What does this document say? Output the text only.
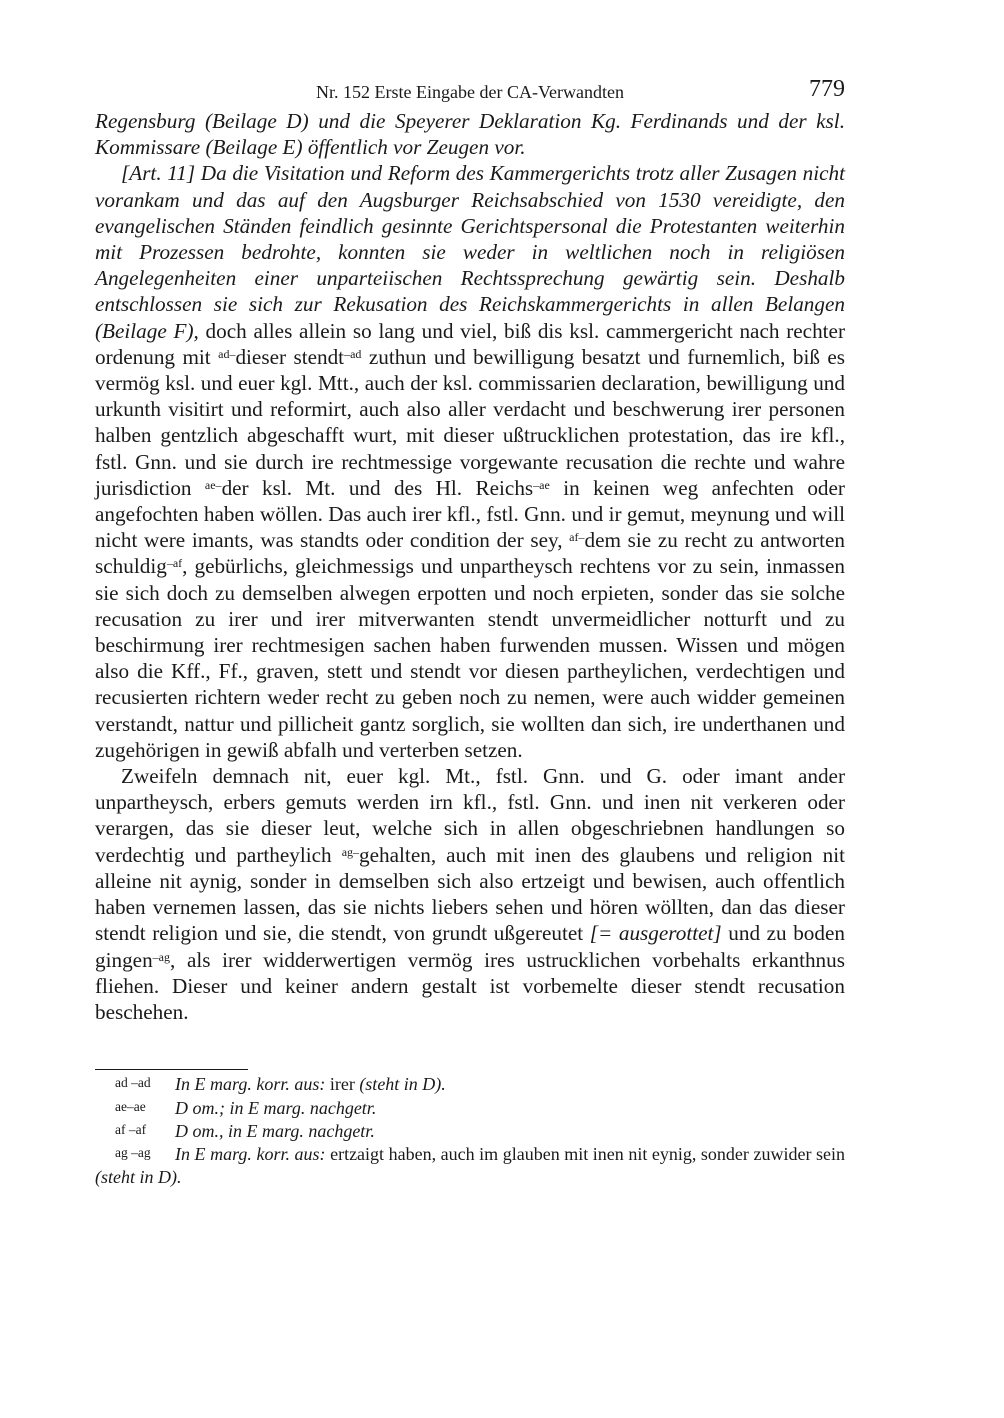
Nr. 152 Erste Eingabe der CA-Verwandten	779

Regensburg (Beilage D) und die Speyerer Deklaration Kg. Ferdinands und der ksl. Kommissare (Beilage E) öffentlich vor Zeugen vor.

[Art. 11] Da die Visitation und Reform des Kammergerichts trotz aller Zusagen nicht vorankam und das auf den Augsburger Reichsabschied von 1530 vereidigte, den evangelischen Ständen feindlich gesinnte Gerichtspersonal die Protestanten weiterhin mit Prozessen bedrohte, konnten sie weder in weltlichen noch in religiösen Angelegenheiten einer unparteiischen Rechtssprechung gewärtig sein. Deshalb entschlossen sie sich zur Rekusation des Reichskammergerichts in allen Belangen (Beilage F), doch alles allein so lang und viel, biß dis ksl. cammergericht nach rechter ordenung mit $^{ad-}$dieser stendt$^{-ad}$ zuthun und bewilligung besatzt und furnemlich, biß es vermög ksl. und euer kgl. Mtt., auch der ksl. commissarien declaration, bewilligung und urkunth visitirt und reformirt, auch also aller verdacht und beschwerung irer personen halben gentzlich abgeschafft wurt, mit dieser ußtrucklichen protestation, das ire kfl., fstl. Gnn. und sie durch ire rechtmessige vorgewante recusation die rechte und wahre jurisdiction $^{ae-}$der ksl. Mt. und des Hl. Reichs$^{-ae}$ in keinen weg anfechten oder angefochten haben wöllen. Das auch irer kfl., fstl. Gnn. und ir gemut, meynung und will nicht were imants, was standts oder condition der sey, $^{af-}$dem sie zu recht zu antworten schuldig$^{-af}$, gebürlichs, gleichmessigs und unpartheysch rechtens vor zu sein, inmassen sie sich doch zu demselben alwegen erpotten und noch erpieten, sonder das sie solche recusation zu irer und irer mitverwanten stendt unvermeidlicher notturft und zu beschirmung irer rechtmesigen sachen haben furwenden mussen. Wissen und mögen also die Kff., Ff., graven, stett und stendt vor diesen partheylichen, verdechtigen und recusierten richtern weder recht zu geben noch zu nemen, were auch widder gemeinen verstandt, nattur und pillicheit gantz sorglich, sie wollten dan sich, ire underthanen und zugehörigen in gewiß abfalh und verterben setzen.

Zweifeln demnach nit, euer kgl. Mt., fstl. Gnn. und G. oder imant ander unpartheysch, erbers gemuts werden irn kfl., fstl. Gnn. und inen nit verkeren oder verargen, das sie dieser leut, welche sich in allen obgeschriebnen handlungen so verdechtig und partheylich $^{ag-}$gehalten, auch mit inen des glaubens und religion nit alleine nit aynig, sonder in demselben sich also ertzeigt und bewisen, auch offentlich haben vernemen lassen, das sie nichts liebers sehen und hören wöllten, dan das dieser stendt religion und sie, die stendt, von grundt ußgereutet [= ausgerottet] und zu boden gingen$^{-ag}$, als irer widderwertigen vermög ires ustrucklichen vorbehalts erkanthnus fliehen. Dieser und keiner andern gestalt ist vorbemelte dieser stendt recusation beschehen.

ad –ad In E marg. korr. aus: irer (steht in D).

ae–ae D om.; in E marg. nachgetr.

af –af D om., in E marg. nachgetr.

ag –ag In E marg. korr. aus: ertzaigt haben, auch im glauben mit inen nit eynig, sonder zuwider sein (steht in D).
